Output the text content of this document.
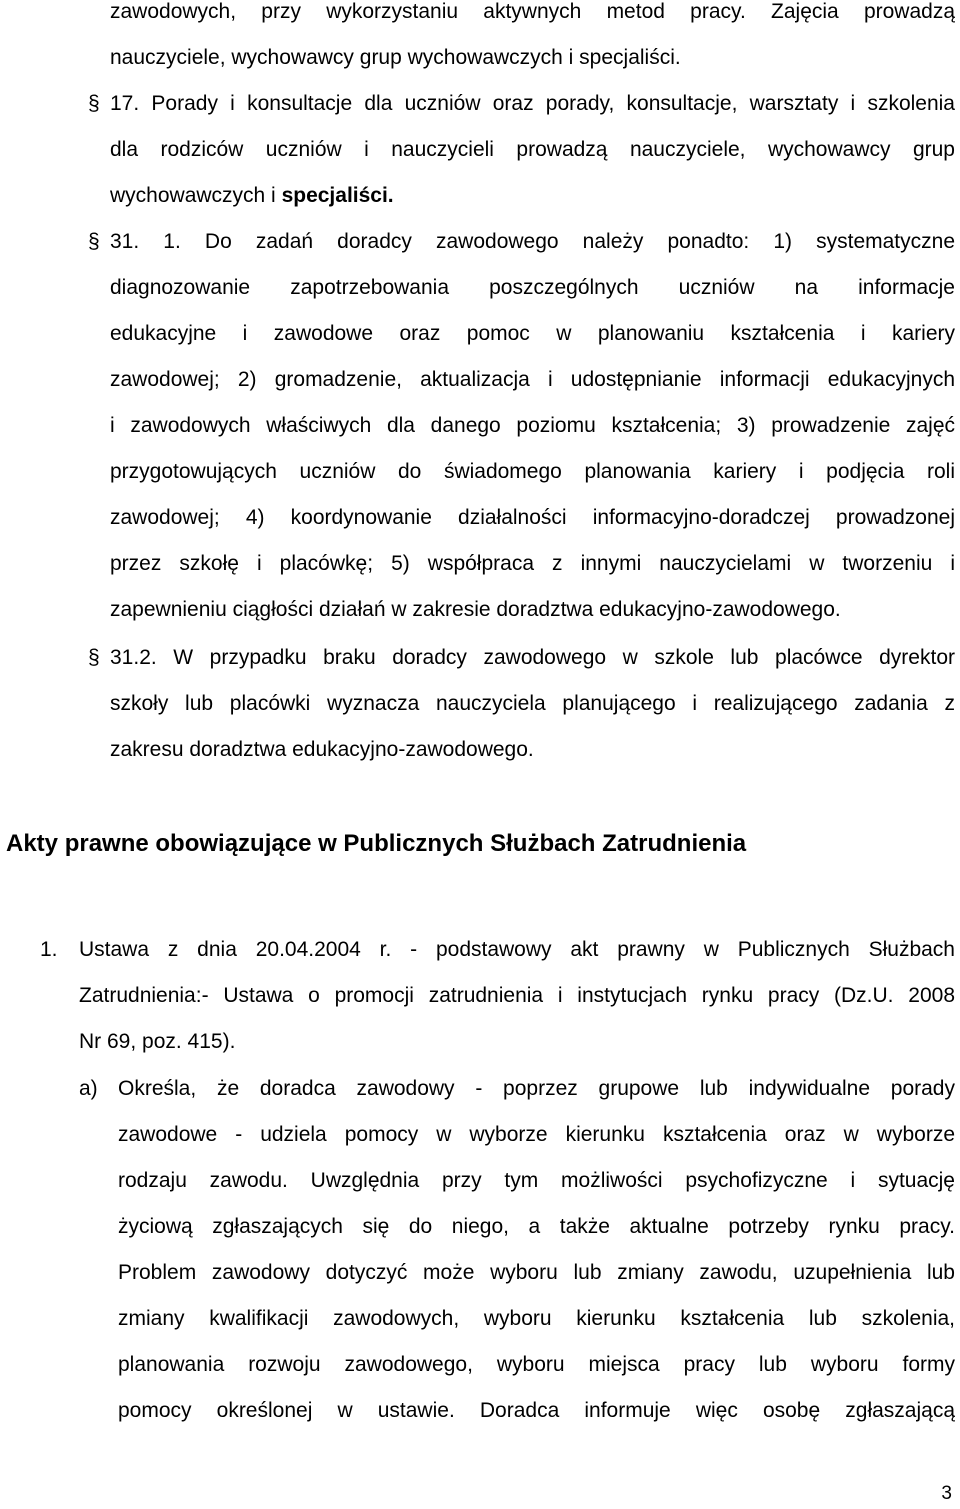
zawodowych, przy wykorzystaniu aktywnych metod pracy. Zajęcia prowadzą
nauczyciele, wychowawcy grup wychowawczych i specjaliści.
§ 17. Porady i konsultacje dla uczniów oraz porady, konsultacje, warsztaty i szkolenia
dla rodziców uczniów i nauczycieli prowadzą nauczyciele, wychowawcy grup
wychowawczych i specjaliści.
§ 31. 1. Do zadań doradcy zawodowego należy ponadto: 1) systematyczne
diagnozowanie zapotrzebowania poszczególnych uczniów na informacje
edukacyjne i zawodowe oraz pomoc w planowaniu kształcenia i kariery
zawodowej; 2) gromadzenie, aktualizacja i udostępnianie informacji edukacyjnych
i zawodowych właściwych dla danego poziomu kształcenia; 3) prowadzenie zajęć
przygotowujących uczniów do świadomego planowania kariery i podjęcia roli
zawodowej; 4) koordynowanie działalności informacyjno-doradczej prowadzonej
przez szkołę i placówkę; 5) współpraca z innymi nauczycielami w tworzeniu i
zapewnieniu ciągłości działań w zakresie doradztwa edukacyjno-zawodowego.
§ 31.2. W przypadku braku doradcy zawodowego w szkole lub placówce dyrektor
szkoły lub placówki wyznacza nauczyciela planującego i realizującego zadania z
zakresu doradztwa edukacyjno-zawodowego.
Akty prawne obowiązujące w Publicznych Służbach Zatrudnienia
1. Ustawa z dnia 20.04.2004 r. - podstawowy akt prawny w Publicznych Służbach
Zatrudnienia:- Ustawa o promocji zatrudnienia i instytucjach rynku pracy (Dz.U. 2008
Nr 69, poz. 415).
a) Określa, że doradca zawodowy - poprzez grupowe lub indywidualne porady
zawodowe - udziela pomocy w wyborze kierunku kształcenia oraz w wyborze
rodzaju zawodu. Uwzględnia przy tym możliwości psychofizyczne i sytuację
życiową zgłaszających się do niego, a także aktualne potrzeby rynku pracy.
Problem zawodowy dotyczyć może wyboru lub zmiany zawodu, uzupełnienia lub
zmiany kwalifikacji zawodowych, wyboru kierunku kształcenia lub szkolenia,
planowania rozwoju zawodowego, wyboru miejsca pracy lub wyboru formy
pomocy określonej w ustawie. Doradca informuje więc osobę zgłaszającą
3
